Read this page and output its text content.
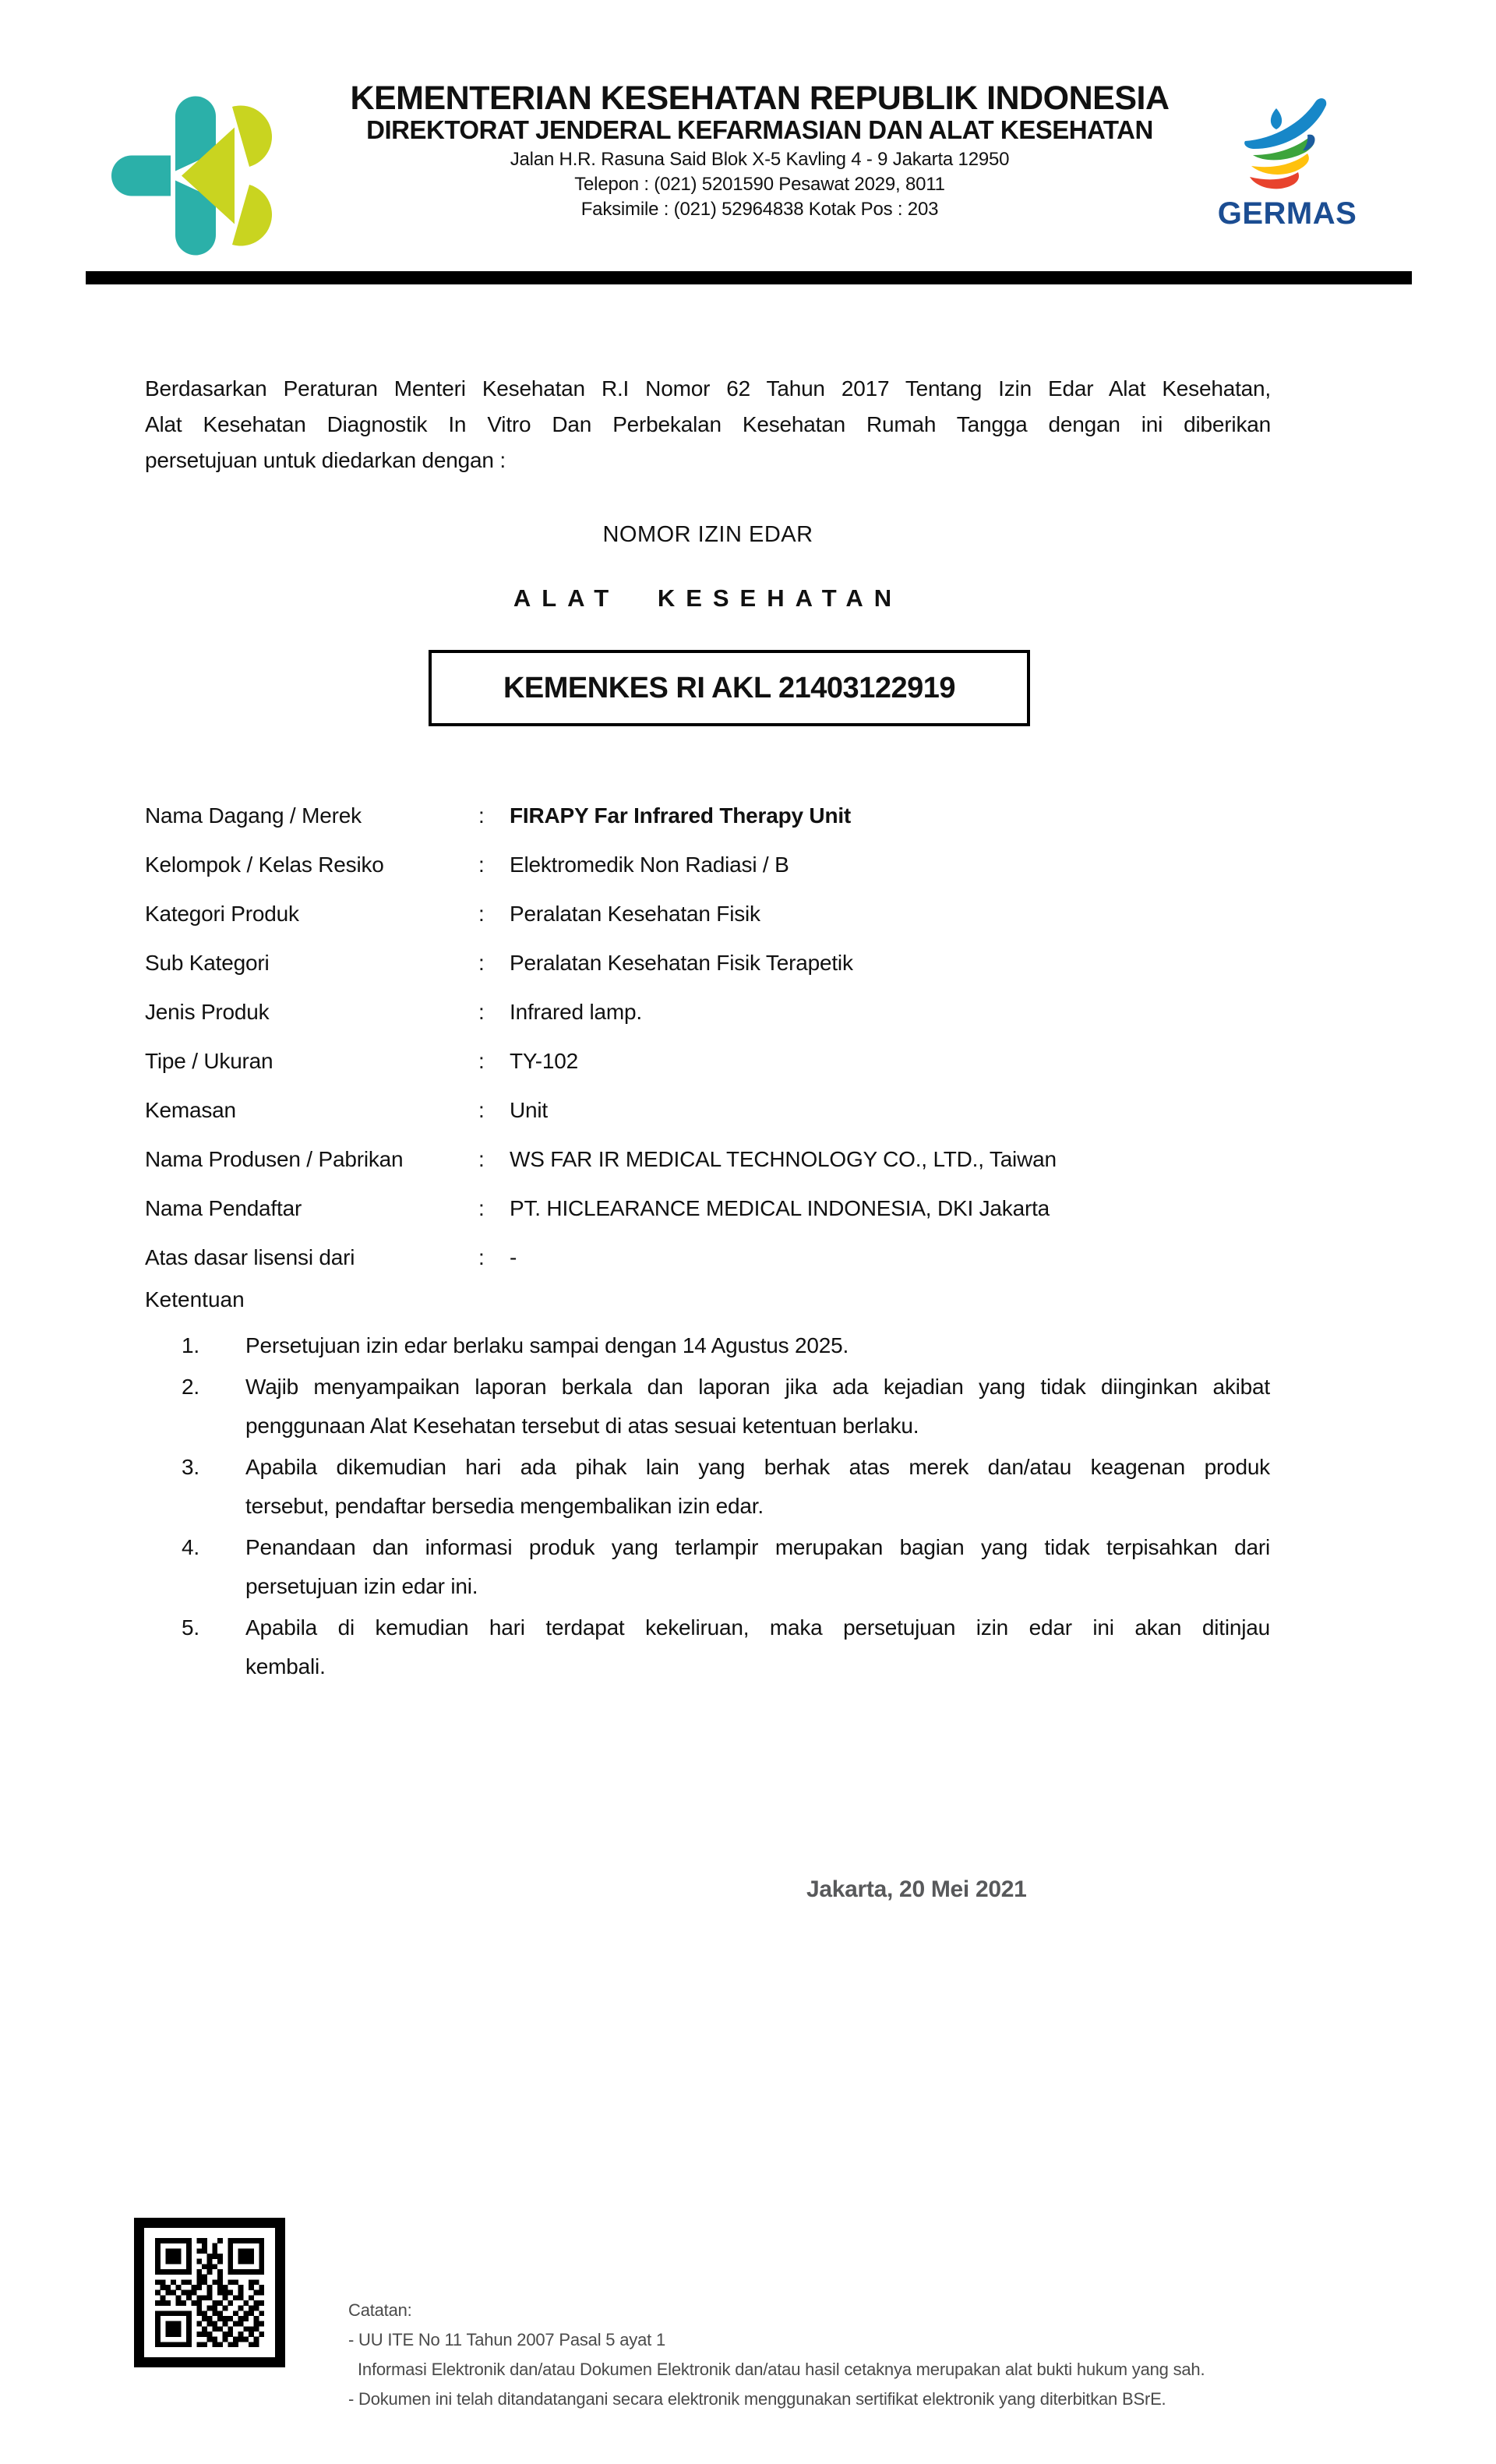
KEMENTERIAN KESEHATAN REPUBLIK INDONESIA
DIREKTORAT JENDERAL KEFARMASIAN DAN ALAT KESEHATAN
Jalan H.R. Rasuna Said Blok X-5 Kavling 4 - 9 Jakarta 12950
Telepon : (021) 5201590 Pesawat 2029, 8011
Faksimile : (021) 52964838 Kotak Pos : 203	GERMAS
Berdasarkan Peraturan Menteri Kesehatan R.I Nomor 62 Tahun 2017 Tentang Izin Edar Alat Kesehatan,
Alat Kesehatan Diagnostik In Vitro Dan Perbekalan Kesehatan Rumah Tangga dengan ini diberikan
persetujuan untuk diedarkan dengan :
NOMOR IZIN EDAR
ALAT KESEHATAN
KEMENKES RI AKL 21403122919
Nama Dagang / Merek	:	FIRAPY Far Infrared Therapy Unit
Kelompok / Kelas Resiko	:	Elektromedik Non Radiasi / B
Kategori Produk	:	Peralatan Kesehatan Fisik
Sub Kategori	:	Peralatan Kesehatan Fisik Terapetik
Jenis Produk	:	Infrared lamp.
Tipe / Ukuran	:	TY-102
Kemasan	:	Unit
Nama Produsen / Pabrikan	:	WS FAR IR MEDICAL TECHNOLOGY CO., LTD., Taiwan
Nama Pendaftar	:	PT. HICLEARANCE MEDICAL INDONESIA, DKI Jakarta
Atas dasar lisensi dari	:	-
Ketentuan
1. Persetujuan izin edar berlaku sampai dengan 14 Agustus 2025.
2. Wajib menyampaikan laporan berkala dan laporan jika ada kejadian yang tidak diinginkan akibat
penggunaan Alat Kesehatan tersebut di atas sesuai ketentuan berlaku.
3. Apabila dikemudian hari ada pihak lain yang berhak atas merek dan/atau keagenan produk
tersebut, pendaftar bersedia mengembalikan izin edar.
4. Penandaan dan informasi produk yang terlampir merupakan bagian yang tidak terpisahkan dari
persetujuan izin edar ini.
5. Apabila di kemudian hari terdapat kekeliruan, maka persetujuan izin edar ini akan ditinjau
kembali.
Jakarta, 20 Mei 2021
Catatan:
- UU ITE No 11 Tahun 2007 Pasal 5 ayat 1
Informasi Elektronik dan/atau Dokumen Elektronik dan/atau hasil cetaknya merupakan alat bukti hukum yang sah.
- Dokumen ini telah ditandatangani secara elektronik menggunakan sertifikat elektronik yang diterbitkan BSrE.
